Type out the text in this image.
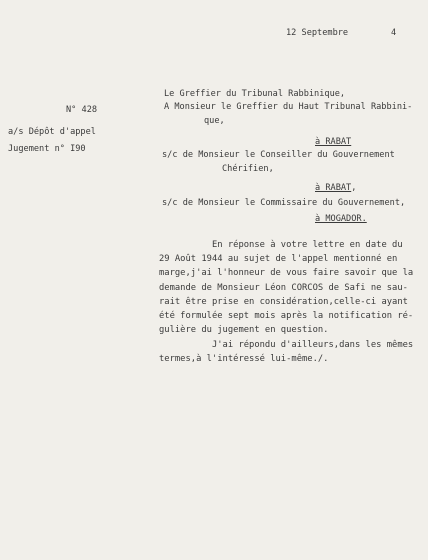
12 Septembre	4
N° 428
a/s Dépôt d'appel
Jugement n° I90
Le Greffier du Tribunal Rabbinique,
A Monsieur le Greffier du Haut Tribunal Rabbini-
que,
à RABAT
s/c de Monsieur le Conseiller du Gouvernement
Chérifien,
à RABAT,
s/c de Monsieur le Commissaire du Gouvernement,
à MOGADOR.
En réponse à votre lettre en date du
29 Août 1944 au sujet de l'appel mentionné en
marge,j'ai l'honneur de vous faire savoir que la
demande de Monsieur Léon CORCOS de Safi ne sau-
rait être prise en considération,celle-ci ayant
été formulée sept mois après la notification ré-
gulière du jugement en question.
J'ai répondu d'ailleurs,dans les mêmes
termes,à l'intéressé lui-même./.
